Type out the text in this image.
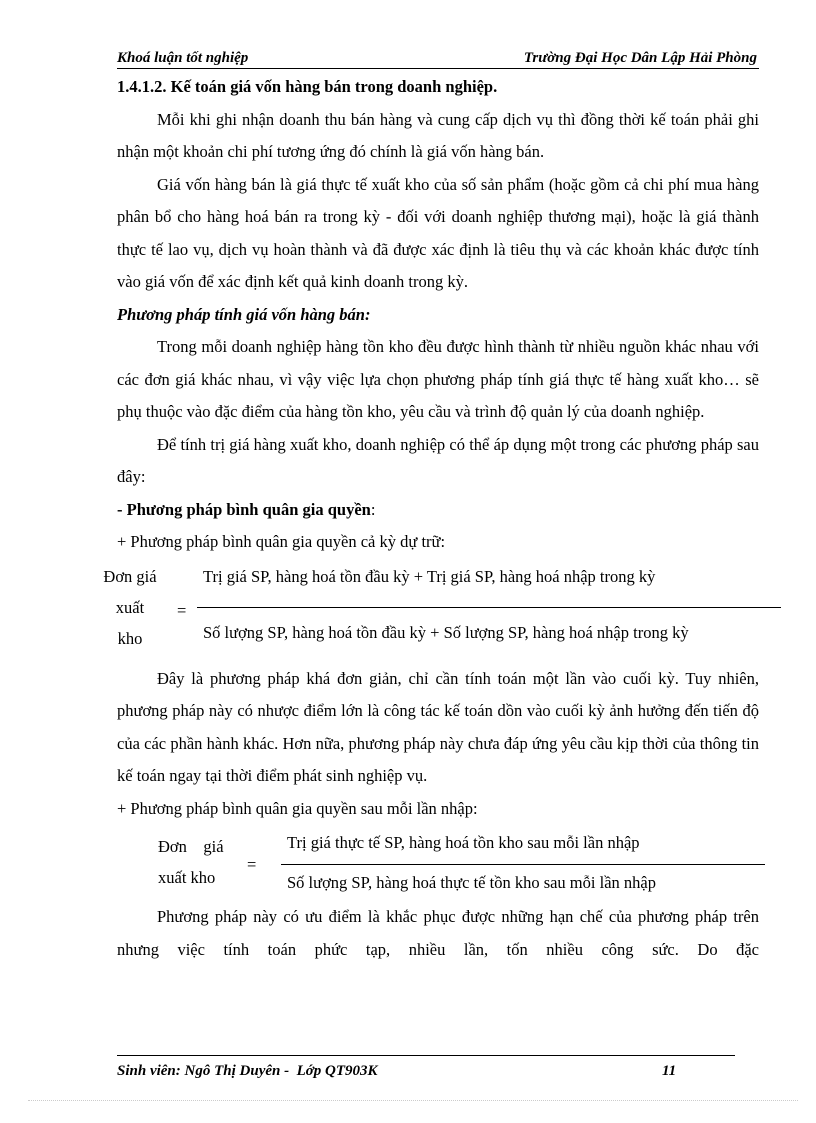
Khoá luận tốt nghiệp	Trường Đại Học Dân Lập Hải Phòng

1.4.1.2. Kế toán giá vốn hàng bán trong doanh nghiệp.

Mỗi khi ghi nhận doanh thu bán hàng và cung cấp dịch vụ thì đồng thời kế toán phải ghi nhận một khoản chi phí tương ứng đó chính là giá vốn hàng bán.

Giá vốn hàng bán là giá thực tế xuất kho của số sản phẩm (hoặc gồm cả chi phí mua hàng phân bổ cho hàng hoá bán ra trong kỳ - đối với doanh nghiệp thương mại), hoặc là giá thành thực tế lao vụ, dịch vụ hoàn thành và đã được xác định là tiêu thụ và các khoản khác được tính vào giá vốn để xác định kết quả kinh doanh trong kỳ.

Phương pháp tính giá vốn hàng bán:

Trong mỗi doanh nghiệp hàng tồn kho đều được hình thành từ nhiều nguồn khác nhau với các đơn giá khác nhau, vì vậy việc lựa chọn phương pháp tính giá thực tế hàng xuất kho… sẽ phụ thuộc vào đặc điểm của hàng tồn kho, yêu cầu và trình độ quản lý của doanh nghiệp.

Để tính trị giá hàng xuất kho, doanh nghiệp có thể áp dụng một trong các phương pháp sau đây:

- Phương pháp bình quân gia quyền:

+ Phương pháp bình quân gia quyền cả kỳ dự trữ:

Đơn giá
xuất
kho
=
Trị giá SP, hàng hoá tồn đầu kỳ + Trị giá SP, hàng hoá nhập trong kỳ
Số lượng SP, hàng hoá tồn đầu kỳ + Số lượng SP, hàng hoá nhập trong kỳ

Đây là phương pháp khá đơn giản, chỉ cần tính toán một lần vào cuối kỳ. Tuy nhiên, phương pháp này có nhược điểm lớn là công tác kế toán dồn vào cuối kỳ ảnh hưởng đến tiến độ của các phần hành khác. Hơn nữa, phương pháp này chưa đáp ứng yêu cầu kịp thời của thông tin kế toán ngay tại thời điểm phát sinh nghiệp vụ.

+ Phương pháp bình quân gia quyền sau mỗi lần nhập:

Đơn    giá
xuất kho
=
Trị giá thực tế SP, hàng hoá tồn kho sau mỗi lần nhập
Số lượng SP, hàng hoá thực tế tồn kho sau mỗi lần nhập

Phương pháp này có ưu điểm là khắc phục được những hạn chế của phương pháp trên nhưng việc tính toán phức tạp, nhiều lần, tốn nhiều công sức. Do đặc

Sinh viên: Ngô Thị Duyên -  Lớp QT903K	11
